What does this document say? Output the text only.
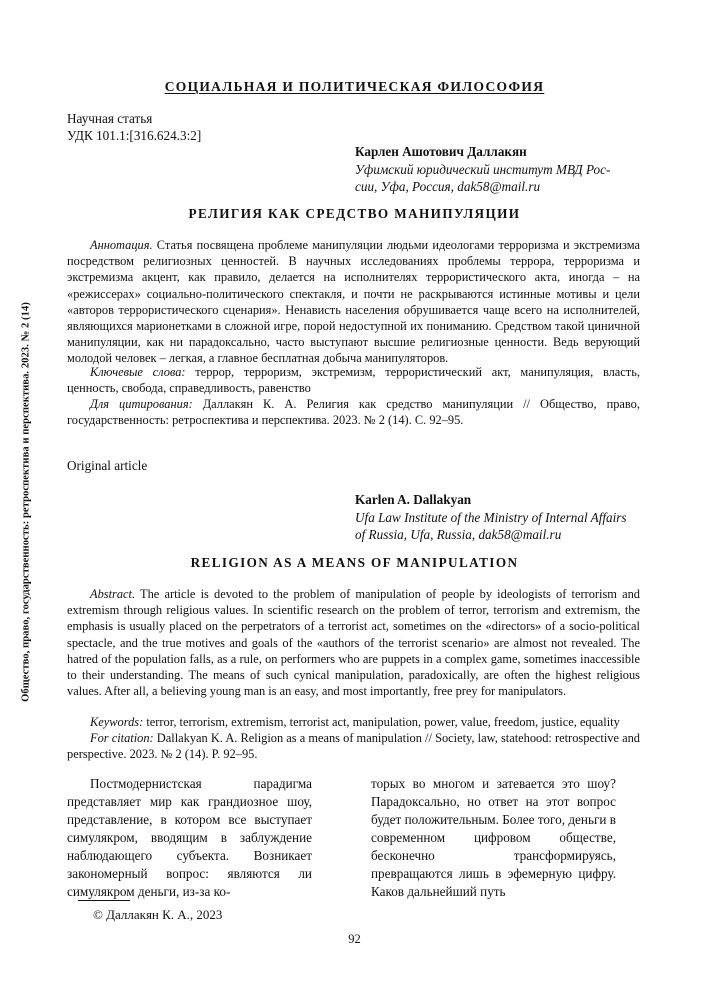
Общество, право, государственность: ретроспектива и перспектива. 2023. № 2 (14)
СОЦИАЛЬНАЯ И ПОЛИТИЧЕСКАЯ ФИЛОСОФИЯ
Научная статья
УДК 101.1:[316.624.3:2]
Карлен Ашотович Даллакян
Уфимский юридический институт МВД Рос-
сии, Уфа, Россия, dak58@mail.ru
РЕЛИГИЯ КАК СРЕДСТВО МАНИПУЛЯЦИИ

Аннотация. Статья посвящена проблеме манипуляции людьми идеологами терроризма и экстремизма посредством религиозных ценностей. В научных исследованиях проблемы террора, терроризма и экстремизма акцент, как правило, делается на исполнителях террористического акта, иногда – на «режиссерах» социально-политического спектакля, и почти не раскрываются истинные мотивы и цели «авторов террористического сценария». Ненависть населения обрушивается чаще всего на исполнителей, являющихся марионетками в сложной игре, порой недоступной их пониманию. Средством такой циничной манипуляции, как ни парадоксально, часто выступают высшие религиозные ценности. Ведь верующий молодой человек – легкая, а главное бесплатная добыча манипуляторов.

Ключевые слова: террор, терроризм, экстремизм, террористический акт, манипуляция, власть, ценность, свобода, справедливость, равенство

Для цитирования: Даллакян К. А. Религия как средство манипуляции // Общество, право, государственность: ретроспектива и перспектива. 2023. № 2 (14). С. 92–95.

Original article
Karlen A. Dallakyan
Ufa Law Institute of the Ministry of Internal Affairs
of Russia, Ufa, Russia, dak58@mail.ru
RELIGION AS A MEANS OF MANIPULATION

Abstract. The article is devoted to the problem of manipulation of people by ideologists of terrorism and extremism through religious values. In scientific research on the problem of terror, terrorism and extremism, the emphasis is usually placed on the perpetrators of a terrorist act, sometimes on the «directors» of a socio-political spectacle, and the true motives and goals of the «authors of the terrorist scenario» are almost not revealed. The hatred of the population falls, as a rule, on performers who are puppets in a complex game, sometimes inaccessible to their understanding. The means of such cynical manipulation, paradoxically, are often the highest religious values. After all, a believing young man is an easy, and most importantly, free prey for manipulators.

Keywords: terror, terrorism, extremism, terrorist act, manipulation, power, value, freedom, justice, equality

For citation: Dallakyan K. A. Religion as a means of manipulation // Society, law, statehood: retrospective and perspective. 2023. № 2 (14). P. 92–95.

Постмодернистская парадигма представляет мир как грандиозное шоу, представление, в котором все выступает симулякром, вводящим в заблуждение наблюдающего субъекта. Возникает закономерный вопрос: являются ли симулякром деньги, из-за ко-

торых во многом и затевается это шоу? Парадоксально, но ответ на этот вопрос будет положительным. Более того, деньги в современном цифровом обществе, бесконечно трансформируясь, превращаются лишь в эфемерную цифру. Каков дальнейший путь

© Даллакян К. А., 2023
92
